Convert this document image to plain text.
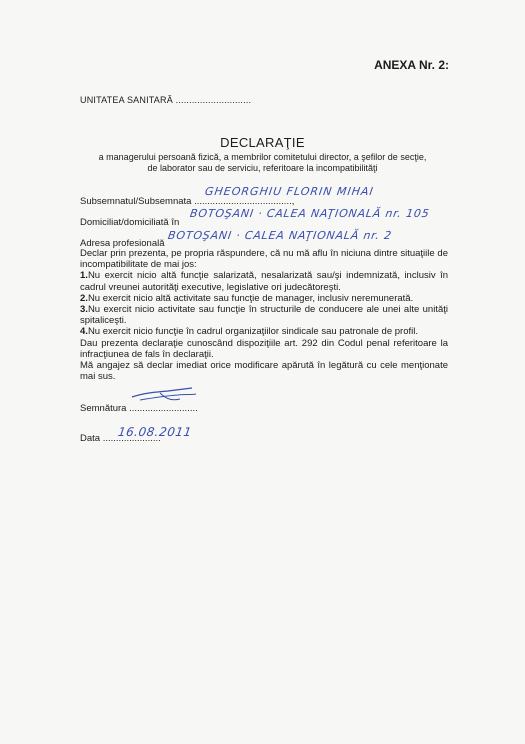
ANEXA Nr. 2:
UNITATEA SANITARĂ ............................
DECLARAŢIE
a managerului persoană fizică, a membrilor comitetului director, a şefilor de secţie,
de laborator sau de serviciu, referitoare la incompatibilităţi
Subsemnatul/Subsemnata .....................................,
GHEORGHIU FLORIN MIHAI
Domiciliat/domiciliată în
BOTOŞANI · CALEA NAŢIONALĂ nr. 105
Adresa profesională
BOTOŞANI · CALEA NAŢIONALĂ nr. 2

Declar prin prezenta, pe propria răspundere, că nu mă aflu în niciuna dintre situaţiile de incompatibilitate de mai jos:

1.Nu exercit nicio altă funcţie salarizată, nesalarizată sau/şi indemnizată, inclusiv în cadrul vreunei autorităţi executive, legislative ori judecătoreşti.

2.Nu exercit nicio altă activitate sau funcţie de manager, inclusiv neremunerată.

3.Nu exercit nicio activitate sau funcţie în structurile de conducere ale unei alte unităţi spitaliceşti.

4.Nu exercit nicio funcţie în cadrul organizaţiilor sindicale sau patronale de profil.

Dau prezenta declaraţie cunoscând dispoziţiile art. 292 din Codul penal referitoare la infracţiunea de fals în declaraţii.

Mă angajez să declar imediat orice modificare apărută în legătură cu cele menţionate mai sus.

Semnătura ..........................
Data ......................
16.08.2011
